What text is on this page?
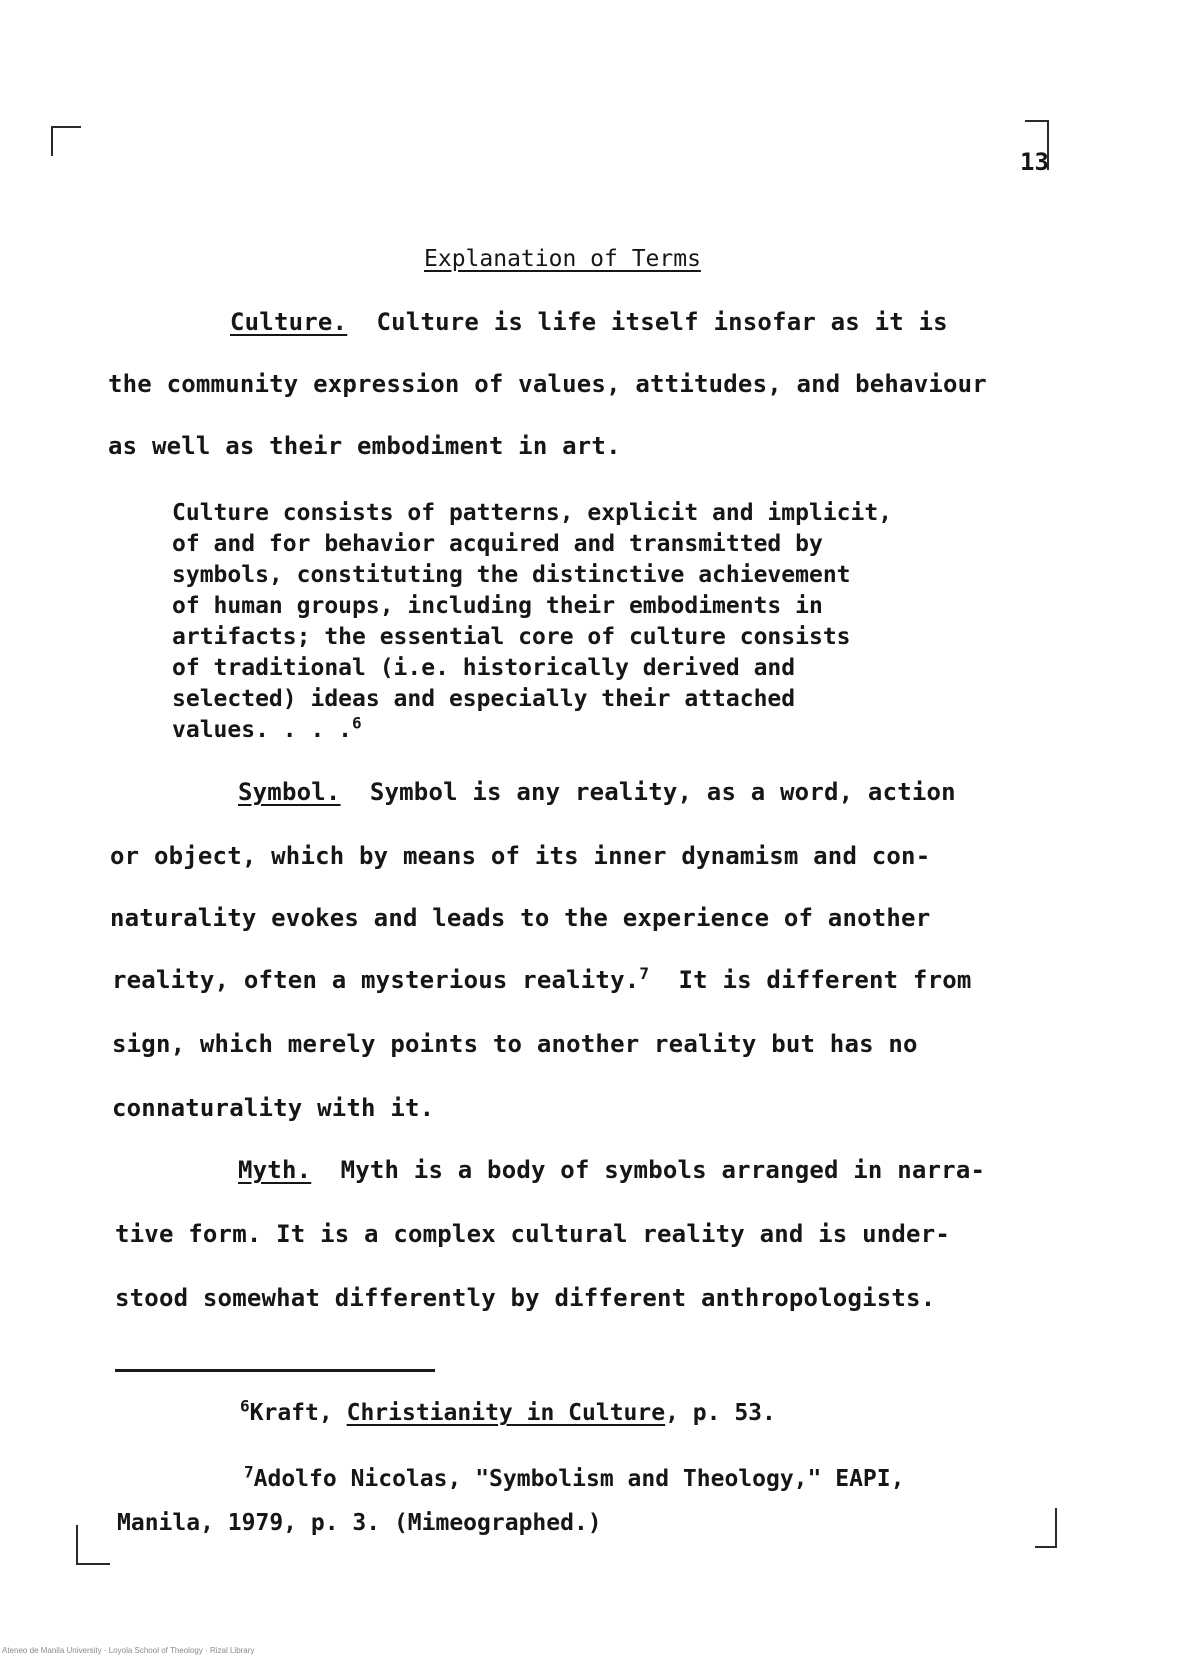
13
Explanation of Terms
Culture. Culture is life itself insofar as it is
the community expression of values, attitudes, and behaviour
as well as their embodiment in art.
Culture consists of patterns, explicit and implicit,
of and for behavior acquired and transmitted by
symbols, constituting the distinctive achievement
of human groups, including their embodiments in
artifacts; the essential core of culture consists
of traditional (i.e. historically derived and
selected) ideas and especially their attached
values. . . .$^6$
Symbol. Symbol is any reality, as a word, action
or object, which by means of its inner dynamism and con-
naturality evokes and leads to the experience of another
reality, often a mysterious reality.$^7$ It is different from
sign, which merely points to another reality but has no
connaturality with it.
Myth. Myth is a body of symbols arranged in narra-
tive form. It is a complex cultural reality and is under-
stood somewhat differently by different anthropologists.
$^6$Kraft, Christianity in Culture, p. 53.
$^7$Adolfo Nicolas, "Symbolism and Theology," EAPI,
Manila, 1979, p. 3. (Mimeographed.)
Ateneo de Manila University · Loyola School of Theology · Rizal Library
